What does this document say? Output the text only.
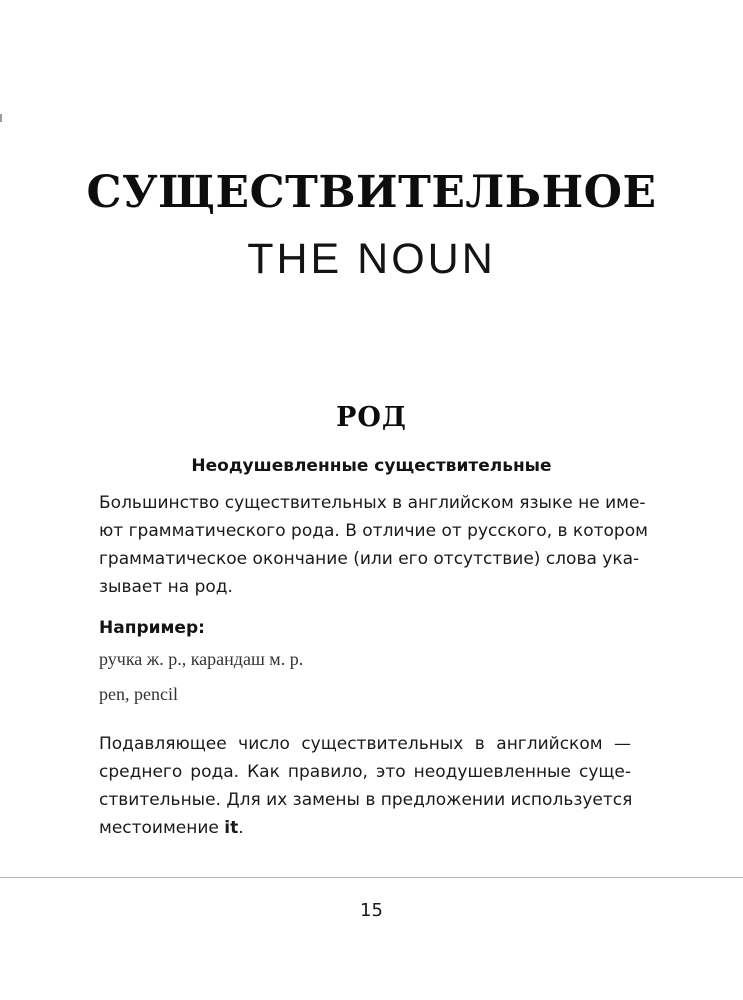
СУЩЕСТВИТЕЛЬНОЕ
THE NOUN
РОД
Неодушевленные существительные
Большинство существительных в английском языке не име-
ют грамматического рода. В отличие от русского, в котором
грамматическое окончание (или его отсутствие) слова ука-
зывает на род.
Например:
ручка ж. р., карандаш м. р.
pen, pencil
Подавляющее число существительных в английском —
среднего рода. Как правило, это неодушевленные суще-
ствительные. Для их замены в предложении используется
местоимение it.
15
